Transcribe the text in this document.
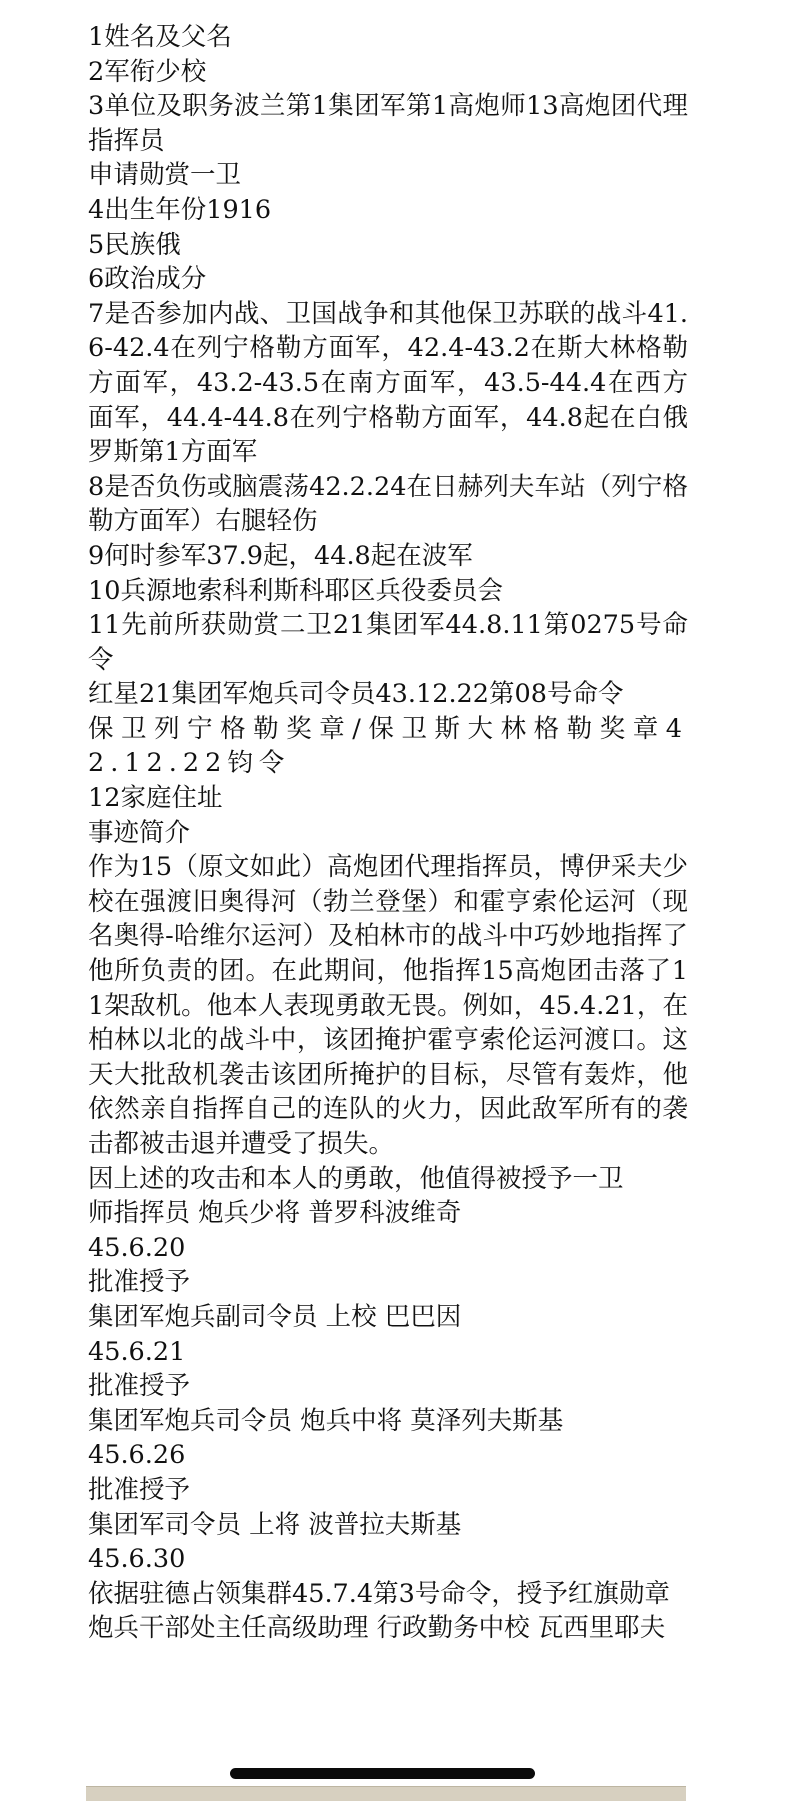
1姓名及父名
2军衔少校
3单位及职务波兰第1集团军第1高炮师13高炮团代理指挥员
申请勋赏一卫
4出生年份1916
5民族俄
6政治成分
7是否参加内战、卫国战争和其他保卫苏联的战斗41.6-42.4在列宁格勒方面军，42.4-43.2在斯大林格勒方面军，43.2-43.5在南方面军，43.5-44.4在西方面军，44.4-44.8在列宁格勒方面军，44.8起在白俄罗斯第1方面军
8是否负伤或脑震荡42.2.24在日赫列夫车站（列宁格勒方面军）右腿轻伤
9何时参军37.9起，44.8起在波军
10兵源地索科利斯科耶区兵役委员会
11先前所获勋赏二卫21集团军44.8.11第0275号命令
红星21集团军炮兵司令员43.12.22第08号命令
保卫列宁格勒奖章/保卫斯大林格勒奖章42.12.22钧令
12家庭住址
事迹简介
作为15（原文如此）高炮团代理指挥员，博伊采夫少校在强渡旧奥得河（勃兰登堡）和霍亨索伦运河（现名奥得-哈维尔运河）及柏林市的战斗中巧妙地指挥了他所负责的团。在此期间，他指挥15高炮团击落了11架敌机。他本人表现勇敢无畏。例如，45.4.21，在柏林以北的战斗中，该团掩护霍亨索伦运河渡口。这天大批敌机袭击该团所掩护的目标，尽管有轰炸，他依然亲自指挥自己的连队的火力，因此敌军所有的袭击都被击退并遭受了损失。
因上述的攻击和本人的勇敢，他值得被授予一卫
师指挥员 炮兵少将 普罗科波维奇
45.6.20
批准授予
集团军炮兵副司令员 上校 巴巴因
45.6.21
批准授予
集团军炮兵司令员 炮兵中将 莫泽列夫斯基
45.6.26
批准授予
集团军司令员 上将 波普拉夫斯基
45.6.30
依据驻德占领集群45.7.4第3号命令，授予红旗勋章
炮兵干部处主任高级助理 行政勤务中校 瓦西里耶夫
